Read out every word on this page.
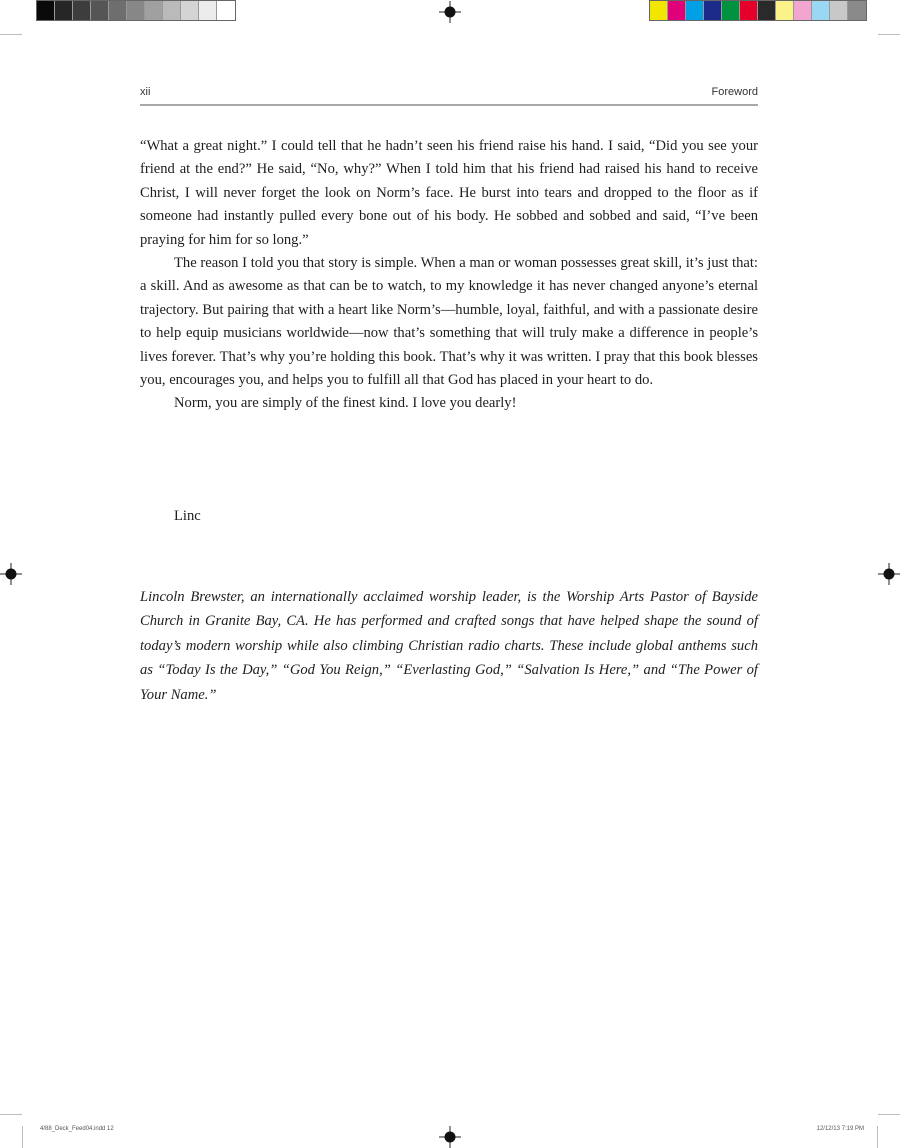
xii	Foreword

“What a great night.” I could tell that he hadn’t seen his friend raise his hand. I said, “Did you see your friend at the end?” He said, “No, why?” When I told him that his friend had raised his hand to receive Christ, I will never forget the look on Norm’s face. He burst into tears and dropped to the floor as if someone had instantly pulled every bone out of his body. He sobbed and sobbed and said, “I’ve been praying for him for so long.”

The reason I told you that story is simple. When a man or woman possesses great skill, it’s just that: a skill. And as awesome as that can be to watch, to my knowledge it has never changed anyone’s eternal trajectory. But pairing that with a heart like Norm’s—humble, loyal, faithful, and with a passionate desire to help equip musicians worldwide—now that’s something that will truly make a difference in people’s lives forever. That’s why you’re holding this book. That’s why it was written. I pray that this book blesses you, encourages you, and helps you to fulfill all that God has placed in your heart to do.

Norm, you are simply of the finest kind. I love you dearly!

Linc

Lincoln Brewster, an internationally acclaimed worship leader, is the Worship Arts Pastor of Bayside Church in Granite Bay, CA. He has performed and crafted songs that have helped shape the sound of today’s modern worship while also climbing Christian radio charts. These include global anthems such as “Today Is the Day,” “God You Reign,” “Everlasting God,” “Salvation Is Here,” and “The Power of Your Name.”

4/88_Deck_Feed04.indd 12	12/12/13 7:19 PM
